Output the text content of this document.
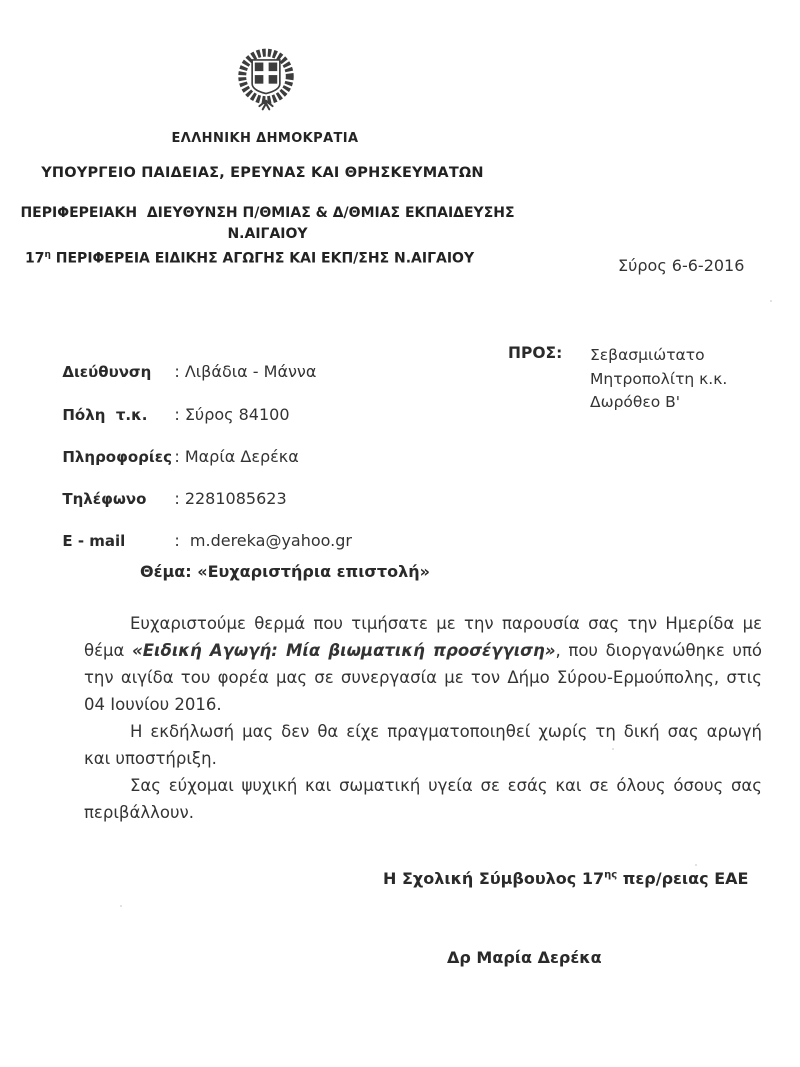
ΕΛΛΗΝΙΚΗ ΔΗΜΟΚΡΑΤΙΑ
ΥΠΟΥΡΓΕΙΟ ΠΑΙΔΕΙΑΣ, ΕΡΕΥΝΑΣ ΚΑΙ ΘΡΗΣΚΕΥΜΑΤΩΝ
ΠΕΡΙΦΕΡΕΙΑΚΗ  ΔΙΕΥΘΥΝΣΗ Π/ΘΜΙΑΣ & Δ/ΘΜΙΑΣ ΕΚΠΑΙΔΕΥΣΗΣ
Ν.ΑΙΓΑΙΟΥ
$17^\eta$ ΠΕΡΙΦΕΡΕΙΑ ΕΙΔΙΚΗΣ ΑΓΩΓΗΣ ΚΑΙ ΕΚΠ/ΣΗΣ Ν.ΑΙΓΑΙΟΥ	Σύρος 6-6-2016

Διεύθυνση : Λιβάδια - Μάννα

Πόλη  τ.κ. : Σύρος 84100

Πληροφορίες : Μαρία Δερέκα

Τηλέφωνο : 2281085623

E - mail	:  m.dereka@yahoo.gr

ΠΡΟΣ: Σεβασμιώτατο
Μητροπολίτη κ.κ.
Δωρόθεο Β'
Θέμα: «Ευχαριστήρια επιστολή»

Ευχαριστούμε θερμά που τιμήσατε με την παρουσία σας την Ημερίδα με θέμα «Ειδική Αγωγή: Μία βιωματική προσέγγιση», που διοργανώθηκε υπό την αιγίδα του φορέα μας σε συνεργασία με τον Δήμο Σύρου-Ερμούπολης, στις 04 Ιουνίου 2016.

Η εκδήλωσή μας δεν θα είχε πραγματοποιηθεί χωρίς τη δική σας αρωγή και υποστήριξη.

Σας εύχομαι ψυχική και σωματική υγεία σε εσάς και σε όλους όσους σας περιβάλλουν.

Η Σχολική Σύμβουλος $17^{\eta\varsigma}$ περ/ρειας ΕΑΕ
Δρ Μαρία Δερέκα
